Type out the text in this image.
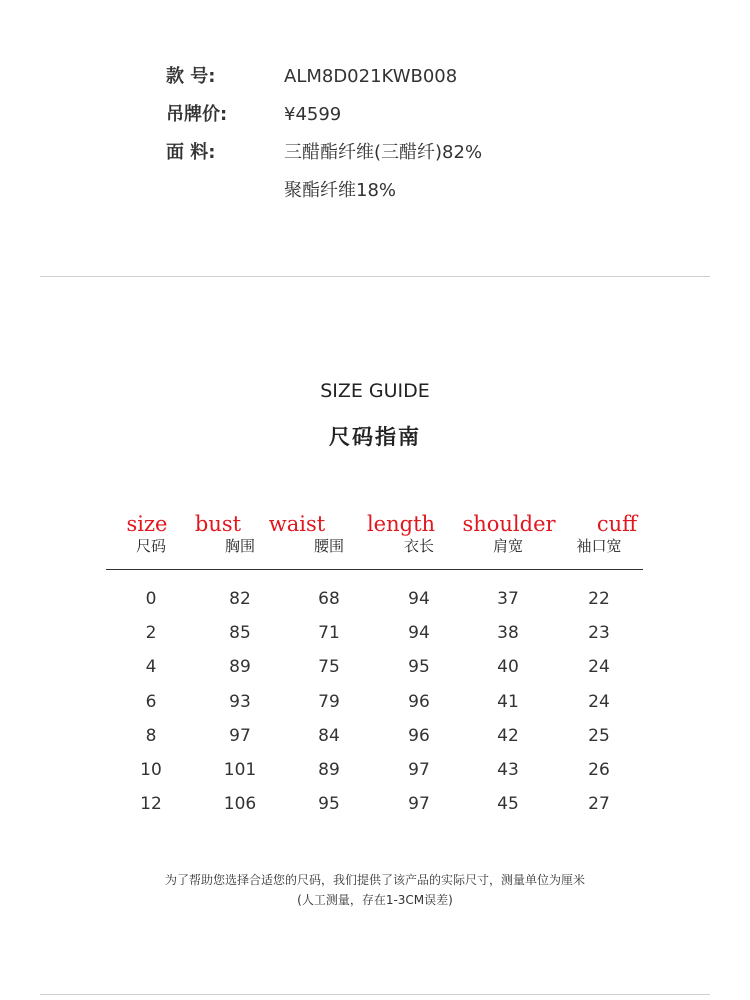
款 号:	ALM8D021KWB008
吊牌价:	¥4599
面 料:	三醋酯纤维(三醋纤)82%
聚酯纤维18%
SIZE GUIDE
尺码指南
size bust waist length shoulder cuff
尺码	胸围	腰围	衣长	肩宽	袖口宽
0	82	68	94	37	22
2	85	71	94	38	23
4	89	75	95	40	24
6	93	79	96	41	24
8	97	84	96	42	25
10	101	89	97	43	26
12	106	95	97	45	27
为了帮助您选择合适您的尺码，我们提供了该产品的实际尺寸，测量单位为厘米
(人工测量，存在1-3CM误差)
